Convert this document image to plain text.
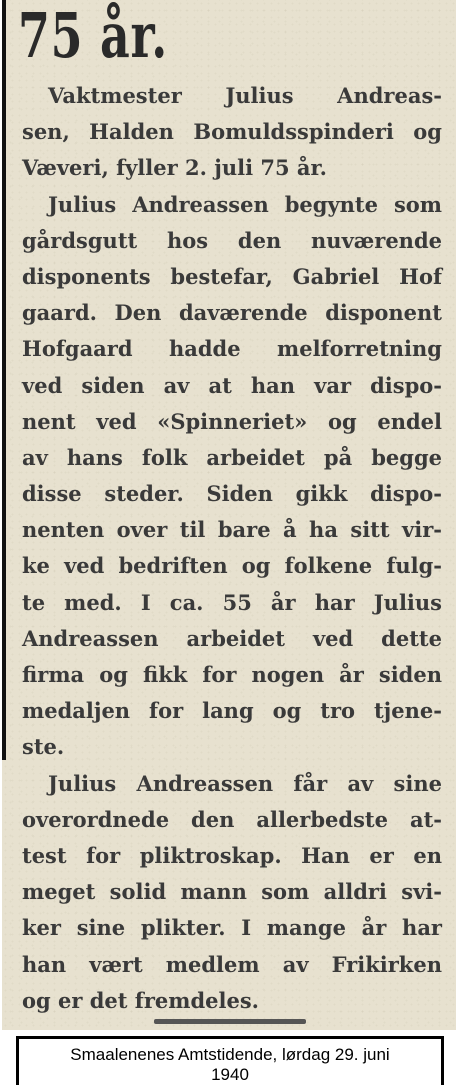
75 år.
Vaktmester Julius Andreas-
sen, Halden Bomuldsspinderi og
Væveri, fyller 2. juli 75 år.
Julius Andreassen begynte som
gårdsgutt hos den nuværende
disponents bestefar, Gabriel Hof
gaard. Den daværende disponent
Hofgaard hadde melforretning
ved siden av at han var dispo-
nent ved «Spinneriet» og endel
av hans folk arbeidet på begge
disse steder. Siden gikk dispo-
nenten over til bare å ha sitt vir-
ke ved bedriften og folkene fulg-
te med. I ca. 55 år har Julius
Andreassen arbeidet ved dette
firma og fikk for nogen år siden
medaljen for lang og tro tjene-
ste.
Julius Andreassen får av sine
overordnede den allerbedste at-
test for pliktroskap. Han er en
meget solid mann som alldri svi-
ker sine plikter. I mange år har
han vært medlem av Frikirken
og er det fremdeles.
Smaalenenes Amtstidende, lørdag 29. juni
1940
